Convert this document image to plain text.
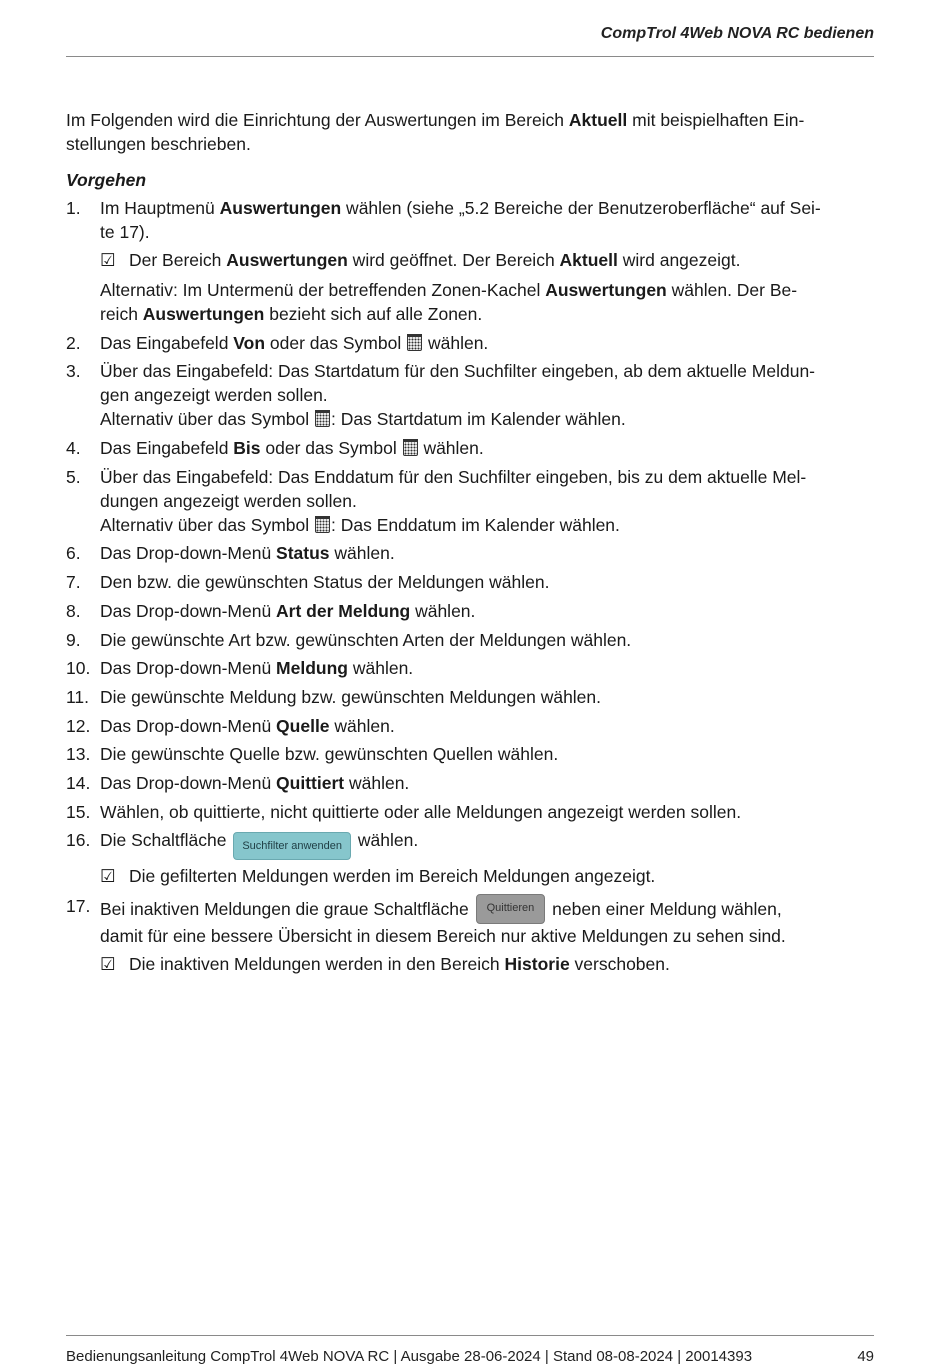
CompTrol 4Web NOVA RC bedienen

Im Folgenden wird die Einrichtung der Auswertungen im Bereich Aktuell mit beispielhaften Ein-
stellungen beschrieben.

Vorgehen
1. Im Hauptmenü Auswertungen wählen (siehe „5.2 Bereiche der Benutzeroberfläche“ auf Sei-
te 17).
☑ Der Bereich Auswertungen wird geöffnet. Der Bereich Aktuell wird angezeigt.
Alternativ: Im Untermenü der betreffenden Zonen-Kachel Auswertungen wählen. Der Be-
reich Auswertungen bezieht sich auf alle Zonen.
2. Das Eingabefeld Von oder das Symbol  wählen.
3. Über das Eingabefeld: Das Startdatum für den Suchfilter eingeben, ab dem aktuelle Meldun-
gen angezeigt werden sollen.
Alternativ über das Symbol : Das Startdatum im Kalender wählen.
4. Das Eingabefeld Bis oder das Symbol  wählen.
5. Über das Eingabefeld: Das Enddatum für den Suchfilter eingeben, bis zu dem aktuelle Mel-
dungen angezeigt werden sollen.
Alternativ über das Symbol : Das Enddatum im Kalender wählen.
6. Das Drop-down-Menü Status wählen.
7. Den bzw. die gewünschten Status der Meldungen wählen.
8. Das Drop-down-Menü Art der Meldung wählen.
9. Die gewünschte Art bzw. gewünschten Arten der Meldungen wählen.
10. Das Drop-down-Menü Meldung wählen.
11. Die gewünschte Meldung bzw. gewünschten Meldungen wählen.
12. Das Drop-down-Menü Quelle wählen.
13. Die gewünschte Quelle bzw. gewünschten Quellen wählen.
14. Das Drop-down-Menü Quittiert wählen.
15. Wählen, ob quittierte, nicht quittierte oder alle Meldungen angezeigt werden sollen.
16. Die Schaltfläche Suchfilter anwenden wählen.
☑ Die gefilterten Meldungen werden im Bereich Meldungen angezeigt.
17. Bei inaktiven Meldungen die graue Schaltfläche Quittieren neben einer Meldung wählen,
damit für eine bessere Übersicht in diesem Bereich nur aktive Meldungen zu sehen sind.
☑ Die inaktiven Meldungen werden in den Bereich Historie verschoben.
Bedienungsanleitung CompTrol 4Web NOVA RC | Ausgabe 28-06-2024 | Stand 08-08-2024 | 20014393	49
